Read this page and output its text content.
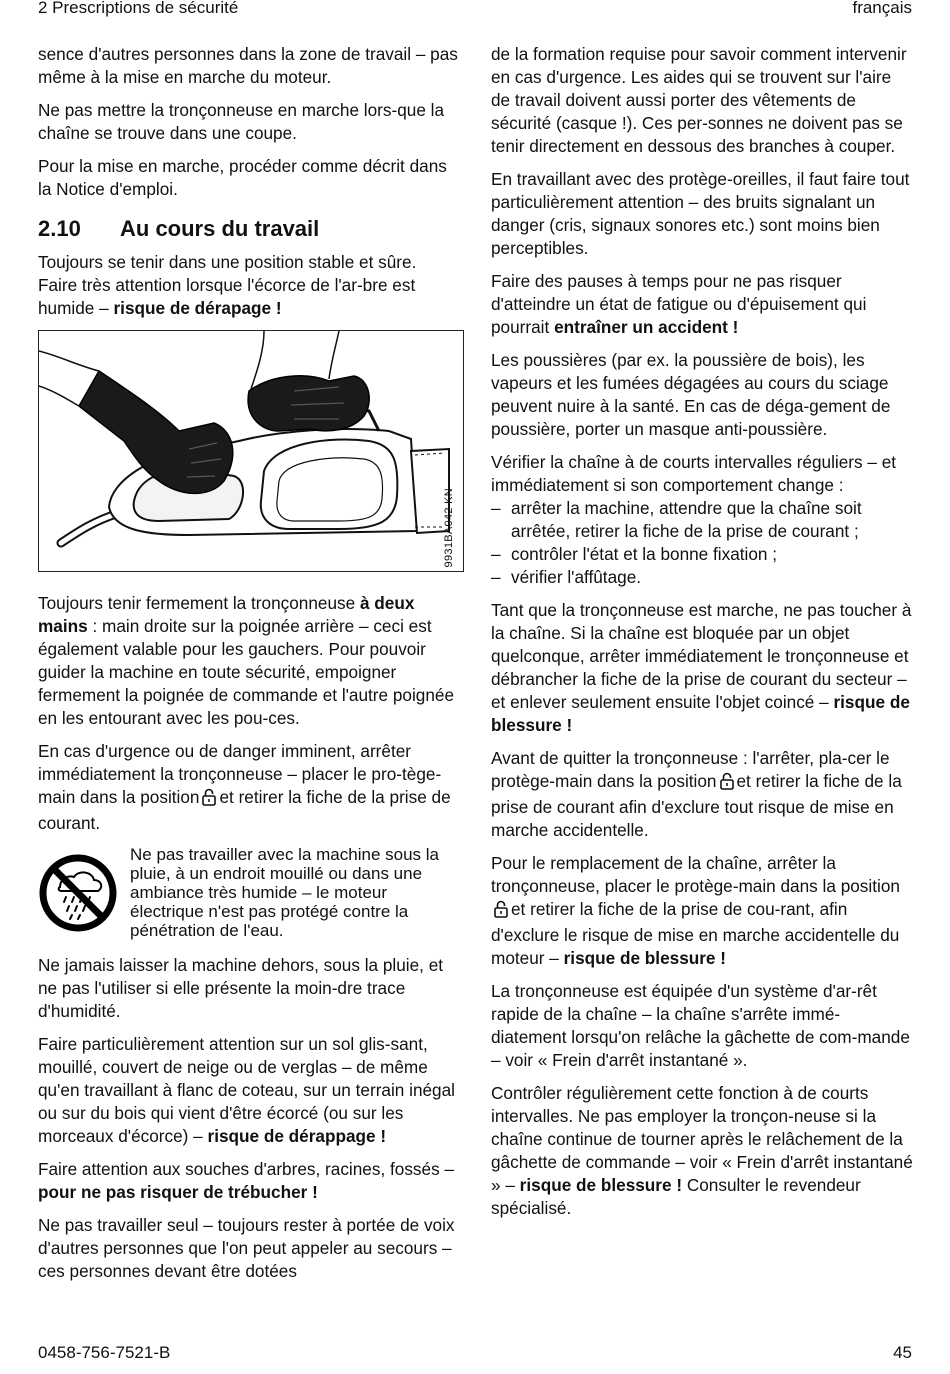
2 Prescriptions de sécurité	français

sence d'autres personnes dans la zone de travail – pas même à la mise en marche du moteur.

Ne pas mettre la tronçonneuse en marche lors-que la chaîne se trouve dans une coupe.

Pour la mise en marche, procéder comme décrit dans la Notice d'emploi.

2.10 Au cours du travail

Toujours se tenir dans une position stable et sûre. Faire très attention lorsque l'écorce de l'ar-bre est humide – risque de dérapage !

9931BA042 KN

Toujours tenir fermement la tronçonneuse à deux mains : main droite sur la poignée arrière – ceci est également valable pour les gauchers. Pour pouvoir guider la machine en toute sécurité, empoigner fermement la poignée de commande et l'autre poignée en les entourant avec les pou-ces.

En cas d'urgence ou de danger imminent, arrêter immédiatement la tronçonneuse – placer le pro-tège-main dans la position et retirer la fiche de la prise de courant.

Ne pas travailler avec la machine sous la pluie, à un endroit mouillé ou dans une ambiance très humide – le moteur électrique n'est pas protégé contre la pénétration de l'eau.

Ne jamais laisser la machine dehors, sous la pluie, et ne pas l'utiliser si elle présente la moin-dre trace d'humidité.

Faire particulièrement attention sur un sol glis-sant, mouillé, couvert de neige ou de verglas – de même qu'en travaillant à flanc de coteau, sur un terrain inégal ou sur du bois qui vient d'être écorcé (ou sur les morceaux d'écorce) – risque de dérappage !

Faire attention aux souches d'arbres, racines, fossés – pour ne pas risquer de trébucher !

Ne pas travailler seul – toujours rester à portée de voix d'autres personnes que l'on peut appeler au secours – ces personnes devant être dotées

de la formation requise pour savoir comment intervenir en cas d'urgence. Les aides qui se trouvent sur l'aire de travail doivent aussi porter des vêtements de sécurité (casque !). Ces per-sonnes ne doivent pas se tenir directement en dessous des branches à couper.

En travaillant avec des protège-oreilles, il faut faire tout particulièrement attention – des bruits signalant un danger (cris, signaux sonores etc.) sont moins bien perceptibles.

Faire des pauses à temps pour ne pas risquer d'atteindre un état de fatigue ou d'épuisement qui pourrait entraîner un accident !

Les poussières (par ex. la poussière de bois), les vapeurs et les fumées dégagées au cours du sciage peuvent nuire à la santé. En cas de déga-gement de poussière, porter un masque anti-poussière.

Vérifier la chaîne à de courts intervalles réguliers – et immédiatement si son comportement change :

– arrêter la machine, attendre que la chaîne soit arrêtée, retirer la fiche de la prise de courant ;
– contrôler l'état et la bonne fixation ;
– vérifier l'affûtage.

Tant que la tronçonneuse est marche, ne pas toucher à la chaîne. Si la chaîne est bloquée par un objet quelconque, arrêter immédiatement le tronçonneuse et débrancher la fiche de la prise de courant du secteur – et enlever seulement ensuite l'objet coincé – risque de blessure !

Avant de quitter la tronçonneuse : l'arrêter, pla-cer le protège-main dans la position et retirer la fiche de la prise de courant afin d'exclure tout risque de mise en marche accidentelle.

Pour le remplacement de la chaîne, arrêter la tronçonneuse, placer le protège-main dans la positionet retirer la fiche de la prise de cou-rant, afin d'exclure le risque de mise en marche accidentelle du moteur – risque de blessure !

La tronçonneuse est équipée d'un système d'ar-rêt rapide de la chaîne – la chaîne s'arrête immé-diatement lorsqu'on relâche la gâchette de com-mande – voir « Frein d'arrêt instantané ».

Contrôler régulièrement cette fonction à de courts intervalles. Ne pas employer la tronçon-neuse si la chaîne continue de tourner après le relâchement de la gâchette de commande – voir « Frein d'arrêt instantané » – risque de blessure ! Consulter le revendeur spécialisé.

0458-756-7521-B	45
